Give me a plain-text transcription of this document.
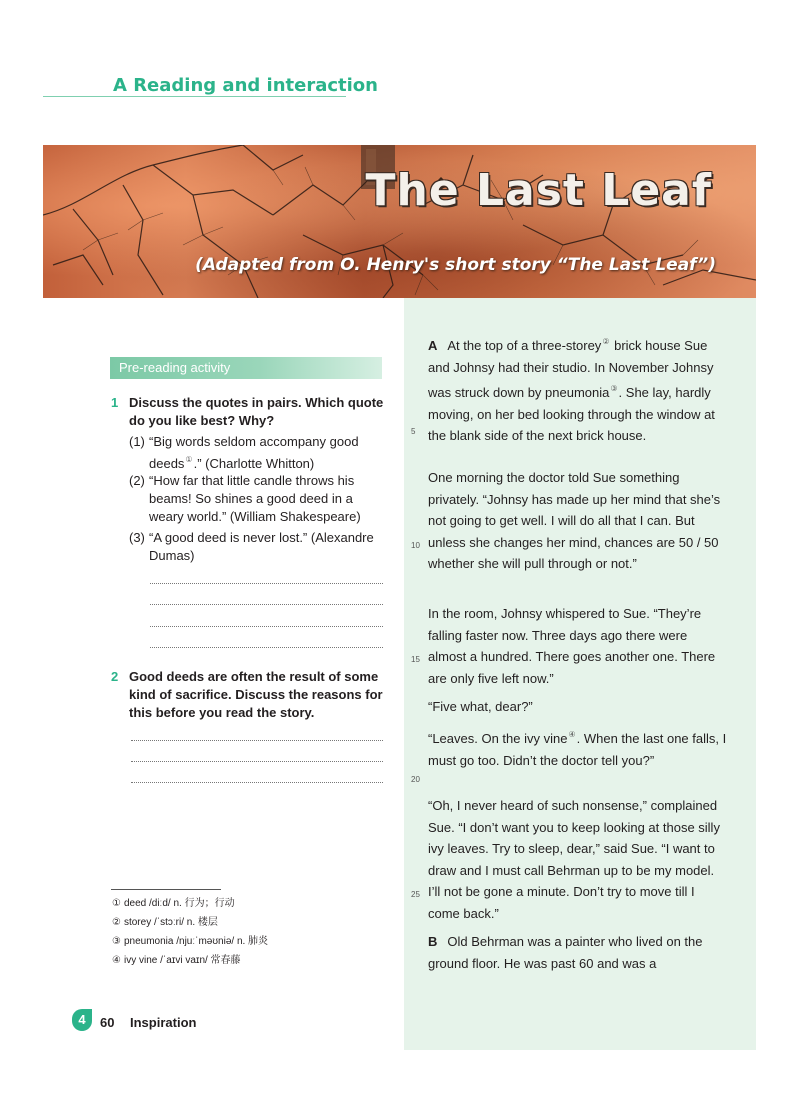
A Reading and interaction
The Last Leaf
(Adapted from O. Henry's short story “The Last Leaf”)
A At the top of a three-storey② brick house Sue and Johnsy had their studio. In November Johnsy was struck down by pneumonia③. She lay, hardly moving, on her bed looking through the window at the blank side of the next brick house.
One morning the doctor told Sue something privately. “Johnsy has made up her mind that she’s not going to get well. I will do all that I can. But unless she changes her mind, chances are 50 / 50 whether she will pull through or not.”
In the room, Johnsy whispered to Sue. “They’re falling faster now. Three days ago there were almost a hundred. There goes another one. There are only five left now.”
“Five what, dear?”
“Leaves. On the ivy vine④. When the last one falls, I must go too. Didn’t the doctor tell you?”
“Oh, I never heard of such nonsense,” complained Sue. “I don’t want you to keep looking at those silly ivy leaves. Try to sleep, dear,” said Sue. “I want to draw and I must call Behrman up to be my model. I’ll not be gone a minute. Don’t try to move till I come back.”
B Old Behrman was a painter who lived on the ground floor. He was past 60 and was a
5
10
15
20
25
Pre-reading activity
1 Discuss the quotes in pairs. Which quote do you like best? Why?
(1) “Big words seldom accompany good deeds①.” (Charlotte Whitton)
(2) “How far that little candle throws his beams! So shines a good deed in a weary world.” (William Shakespeare)
(3) “A good deed is never lost.” (Alexandre Dumas)
2 Good deeds are often the result of some kind of sacrifice. Discuss the reasons for this before you read the story.
① deed /diːd/ n. 行为；行动
② storey /ˈstɔːri/ n. 楼层
③ pneumonia /njuːˈməʊniə/ n. 肺炎
④ ivy vine /ˈaɪvi vaɪn/ 常春藤
4	60 Inspiration
